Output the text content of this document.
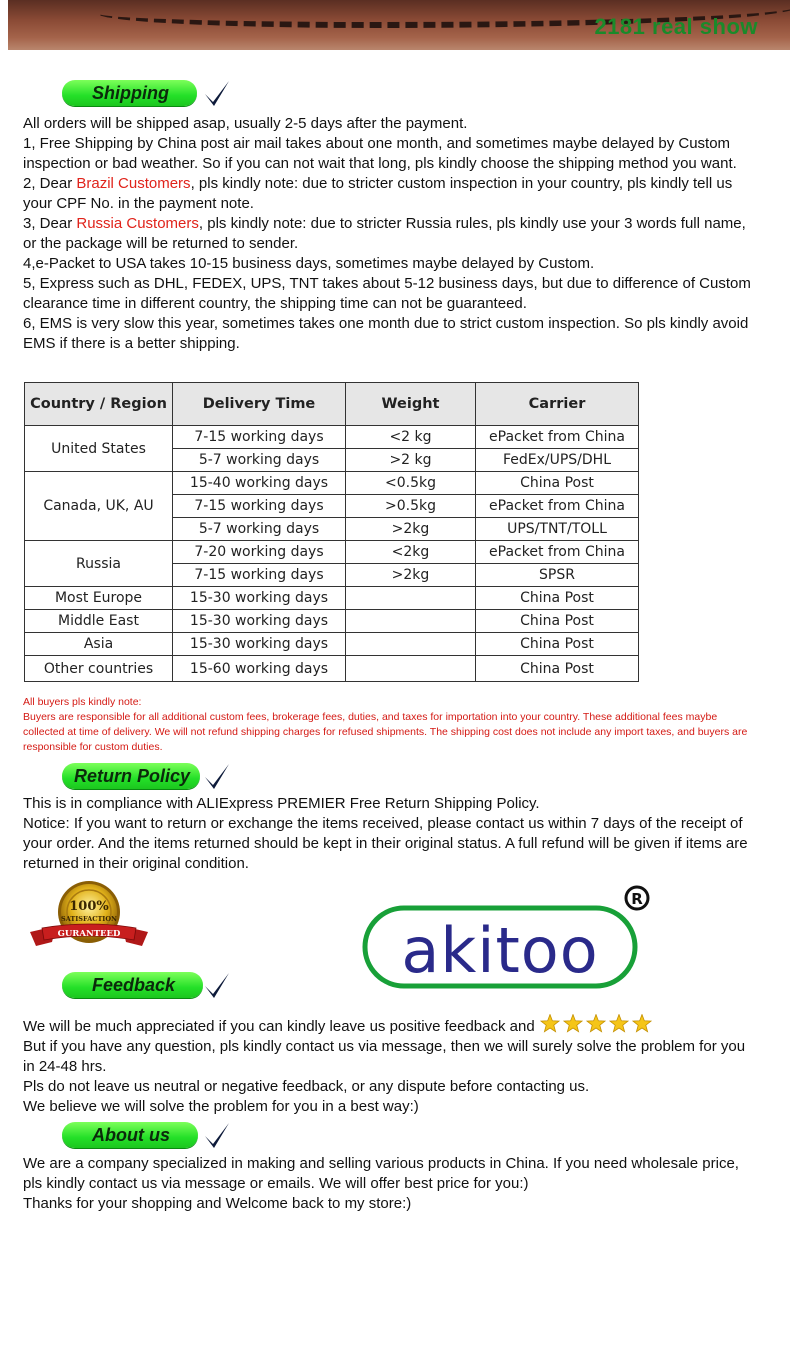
2181 real show
Shipping

All orders will be shipped asap, usually 2-5 days after the payment.

1, Free Shipping by China post air mail takes about one month, and sometimes maybe delayed by Custom inspection or bad weather. So if you can not wait that long, pls kindly choose the shipping method you want.

2, Dear Brazil Customers, pls kindly note: due to stricter custom inspection in your country, pls kindly tell us your CPF No. in the payment note.

3, Dear Russia Customers, pls kindly note: due to stricter Russia rules, pls kindly use your 3 words full name, or the package will be returned to sender.

4,e-Packet to USA takes 10-15 business days, sometimes maybe delayed by Custom.

5, Express such as DHL, FEDEX, UPS, TNT takes about 5-12 business days, but due to difference of Custom clearance time in different country, the shipping time can not be guaranteed.

6, EMS is very slow this year, sometimes takes one month due to strict custom inspection. So pls kindly avoid EMS if there is a better shipping.

Country / Region	Delivery Time	Weight	Carrier
United States	7-15 working days	<2 kg	ePacket from China
	5-7 working days	>2 kg	FedEx/UPS/DHL
Canada, UK, AU	15-40 working days	<0.5kg	China Post
	7-15 working days	>0.5kg	ePacket from China
	5-7 working days	>2kg	UPS/TNT/TOLL
Russia	7-20 working days	<2kg	ePacket from China
	7-15 working days	>2kg	SPSR
Most Europe	15-30 working days		China Post
Middle East	15-30 working days		China Post
Asia	15-30 working days		China Post
Other countries	15-60 working days		China Post

All buyers pls kindly note:

Buyers are responsible for all additional custom fees, brokerage fees, duties, and taxes for importation into your country. These additional fees maybe collected at time of delivery. We will not refund shipping charges for refused shipments. The shipping cost does not include any import taxes, and buyers are responsible for custom duties.

Return Policy

This is in compliance with ALIExpress PREMIER Free Return Shipping Policy.

Notice: If you want to return or exchange the items received, please contact us within 7 days of the receipt of your order. And the items returned should be kept in their original status. A full refund will be given if items are returned in their original condition.

100%
SATISFACTION
GURANTEED	akitoo
R
Feedback

We will be much appreciated if you can kindly leave us positive feedback and

But if you have any question, pls kindly contact us via message, then we will surely solve the problem for you in 24-48 hrs.

Pls do not leave us neutral or negative feedback, or any dispute before contacting us.

We believe we will solve the problem for you in a best way:)

About us

We are a company specialized in making and selling various products in China. If you need wholesale price, pls kindly contact us via message or emails. We will offer best price for you:)

Thanks for your shopping and Welcome back to my store:)
